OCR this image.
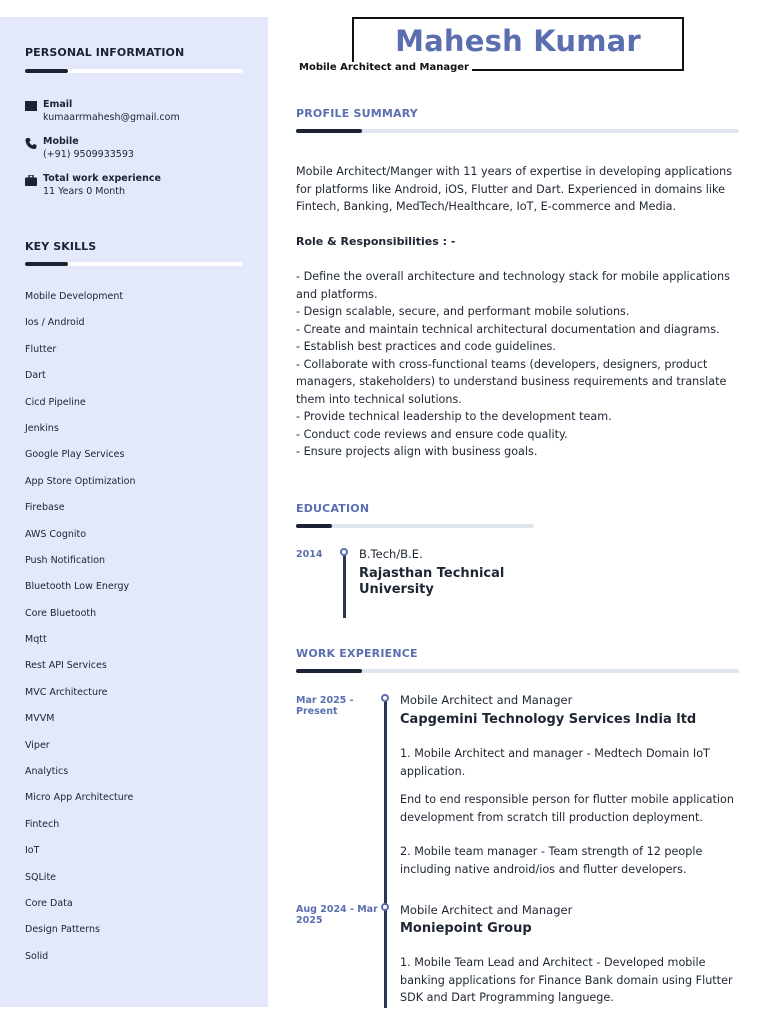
PERSONAL INFORMATION
Email
kumaarrmahesh@gmail.com
Mobile
(+91) 9509933593
Total work experience
11 Years 0 Month
KEY SKILLS
Mobile Development
Ios / Android
Flutter
Dart
Cicd Pipeline
Jenkins
Google Play Services
App Store Optimization
Firebase
AWS Cognito
Push Notification
Bluetooth Low Energy
Core Bluetooth
Mqtt
Rest API Services
MVC Architecture
MVVM
Viper
Analytics
Micro App Architecture
Fintech
IoT
SQLite
Core Data
Design Patterns
Solid
Mahesh Kumar
Mobile Architect and Manager
PROFILE SUMMARY

Mobile Architect/Manger with 11 years of expertise in developing applications for platforms like Android, iOS, Flutter and Dart. Experienced in domains like Fintech, Banking, MedTech/Healthcare, IoT, E-commerce and Media.

Role & Responsibilities : -
- Define the overall architecture and technology stack for mobile applications and platforms.
- Design scalable, secure, and performant mobile solutions.
- Create and maintain technical architectural documentation and diagrams.
- Establish best practices and code guidelines.
- Collaborate with cross-functional teams (developers, designers, product managers, stakeholders) to understand business requirements and translate them into technical solutions.
- Provide technical leadership to the development team.
- Conduct code reviews and ensure code quality.
- Ensure projects align with business goals.
EDUCATION
2014	B.Tech/B.E.
Rajasthan Technical University
WORK EXPERIENCE
Mar 2025 - Present
Mobile Architect and Manager
Capgemini Technology Services India ltd

1. Mobile Architect and manager - Medtech Domain IoT application.

End to end responsible person for flutter mobile application development from scratch till production deployment.

2. Mobile team manager - Team strength of 12 people including native android/ios and flutter developers.

Aug 2024 - Mar 2025
Mobile Architect and Manager
Moniepoint Group

1. Mobile Team Lead and Architect - Developed mobile banking applications for Finance Bank domain using Flutter SDK and Dart Programming languege.
